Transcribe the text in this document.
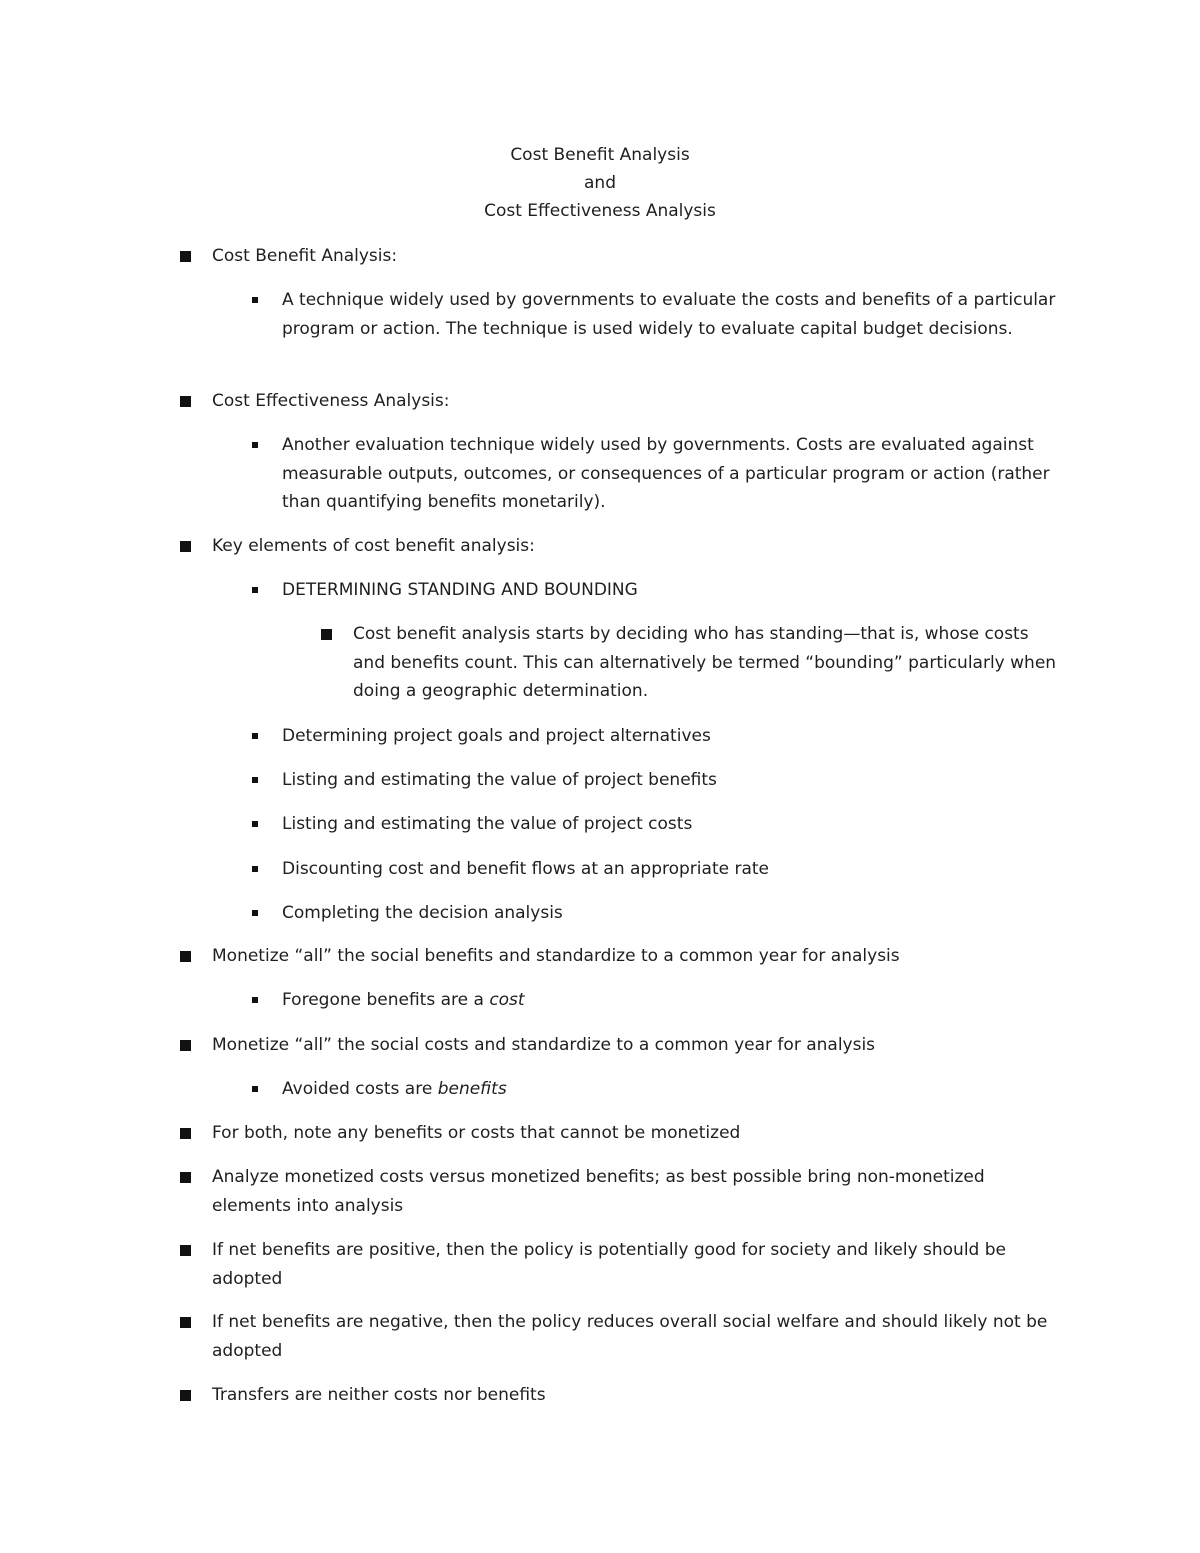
Cost Benefit Analysis
and
Cost Effectiveness Analysis
Cost Benefit Analysis:
A technique widely used by governments to evaluate the costs and benefits of a particular program or action. The technique is used widely to evaluate capital budget decisions.
Cost Effectiveness Analysis:
Another evaluation technique widely used by governments. Costs are evaluated against measurable outputs, outcomes, or consequences of a particular program or action (rather than quantifying benefits monetarily).
Key elements of cost benefit analysis:
DETERMINING STANDING AND BOUNDING
Cost benefit analysis starts by deciding who has standing—that is, whose costs and benefits count. This can alternatively be termed “bounding” particularly when doing a geographic determination.
Determining project goals and project alternatives
Listing and estimating the value of project benefits
Listing and estimating the value of project costs
Discounting cost and benefit flows at an appropriate rate
Completing the decision analysis
Monetize “all” the social benefits and standardize to a common year for analysis
Foregone benefits are a cost
Monetize “all” the social costs and standardize to a common year for analysis
Avoided costs are benefits
For both, note any benefits or costs that cannot be monetized
Analyze monetized costs versus monetized benefits; as best possible bring non-monetized elements into analysis
If net benefits are positive, then the policy is potentially good for society and likely should be adopted
If net benefits are negative, then the policy reduces overall social welfare and should likely not be adopted
Transfers are neither costs nor benefits
